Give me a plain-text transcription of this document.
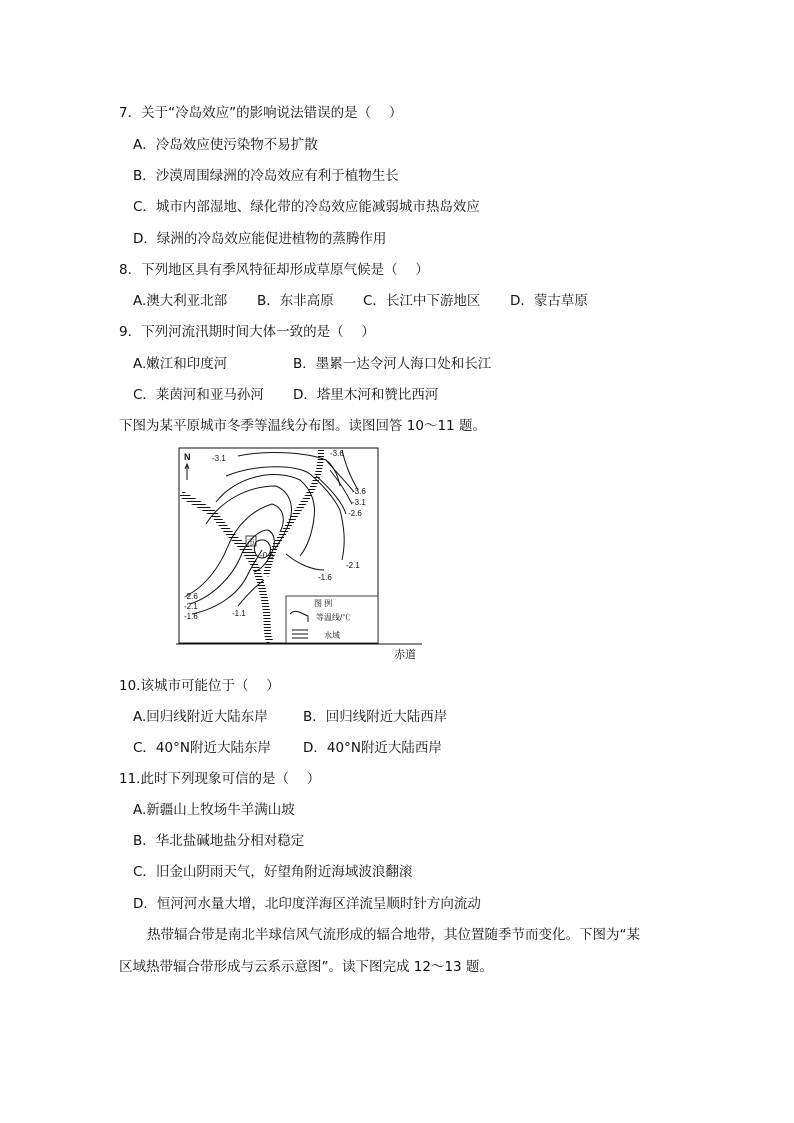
7．关于“冷岛效应”的影响说法错误的是（　 ）
A．冷岛效应使污染物不易扩散
B．沙漠周围绿洲的冷岛效应有利于植物生长
C．城市内部湿地、绿化带的冷岛效应能减弱城市热岛效应
D．绿洲的冷岛效应能促进植物的蒸腾作用
8．下列地区具有季风特征却形成草原气候是（　 ）
A.澳大利亚北部 B．东非高原 C．长江中下游地区 D．蒙古草原
9．下列河流汛期时间大体一致的是（　 ）
A.嫩江和印度河	B．墨累一达令河人海口处和长江
C．莱茵河和亚马孙河 D．塔里木河和赞比西河
下图为某平原城市冬季等温线分布图。读图回答 10～11 题。
赤道
N
市
-3.1
-3.6
-3.6
-3.1
-2.6
-0.6
-1.6
-2.1
-2.6
-2.1
-1.6	-1.1
图 例
等温线/℃
水域
10.该城市可能位于（　 ）
A.回归线附近大陆东岸	B．回归线附近大陆西岸
C．40°N附近大陆东岸 D．40°N附近大陆西岸
11.此时下列现象可信的是（　 ）
A.新疆山上牧场牛羊满山坡
B．华北盐碱地盐分相对稳定
C．旧金山阴雨天气，好望角附近海域波浪翻滚
D．恒河河水量大增，北印度洋海区洋流呈顺时针方向流动
热带辐合带是南北半球信风气流形成的辐合地带，其位置随季节而变化。下图为“某
区域热带辐合带形成与云系示意图”。读下图完成 12～13 题。
